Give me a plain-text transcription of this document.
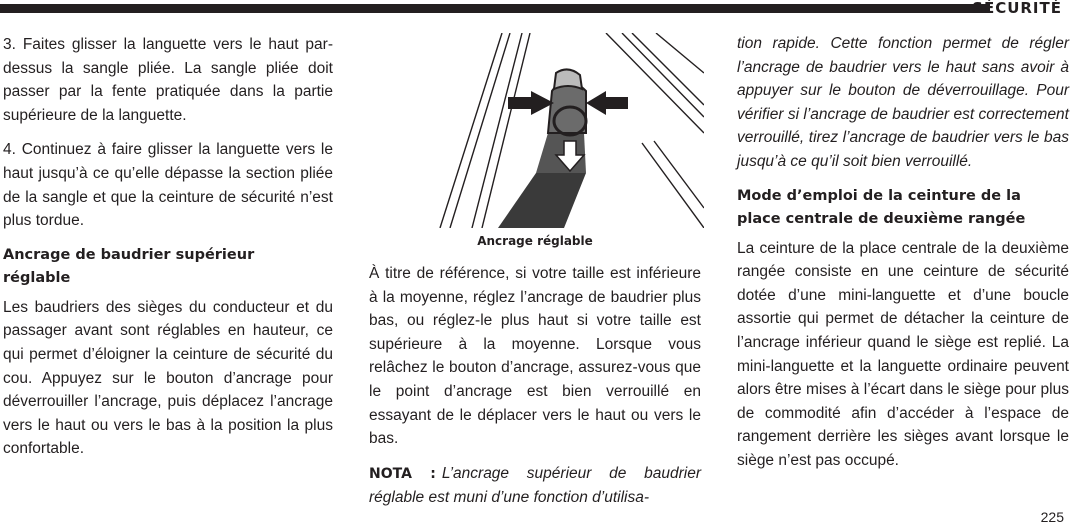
SÉCURITÉ

3. Faites glisser la languette vers le haut par-dessus la sangle pliée. La sangle pliée doit passer par la fente pratiquée dans la partie supérieure de la languette.

4. Continuez à faire glisser la languette vers le haut jusqu’à ce qu’elle dépasse la section pliée de la sangle et que la ceinture de sécurité n’est plus tordue.

Ancrage de baudrier supérieur réglable

Les baudriers des sièges du conducteur et du passager avant sont réglables en hauteur, ce qui permet d’éloigner la ceinture de sécurité du cou. Appuyez sur le bouton d’ancrage pour déverrouiller l’ancrage, puis déplacez l’ancrage vers le haut ou vers le bas à la position la plus confortable.

Ancrage réglable

À titre de référence, si votre taille est inférieure à la moyenne, réglez l’ancrage de baudrier plus bas, ou réglez-le plus haut si votre taille est supérieure à la moyenne. Lorsque vous relâchez le bouton d’ancrage, assurez-vous que le point d’ancrage est bien verrouillé en essayant de le déplacer vers le haut ou vers le bas.

NOTA : L’ancrage supérieur de baudrier réglable est muni d’une fonction d’utilisa-

tion rapide. Cette fonction permet de régler l’ancrage de baudrier vers le haut sans avoir à appuyer sur le bouton de déverrouillage. Pour vérifier si l’ancrage de baudrier est correctement verrouillé, tirez l’ancrage de baudrier vers le bas jusqu’à ce qu’il soit bien verrouillé.

Mode d’emploi de la ceinture de la place centrale de deuxième rangée

La ceinture de la place centrale de la deuxième rangée consiste en une ceinture de sécurité dotée d’une mini-languette et d’une boucle assortie qui permet de détacher la ceinture de l’ancrage inférieur quand le siège est replié. La mini-languette et la languette ordinaire peuvent alors être mises à l’écart dans le siège pour plus de commodité afin d’accéder à l’espace de rangement derrière les sièges avant lorsque le siège n’est pas occupé.

225
